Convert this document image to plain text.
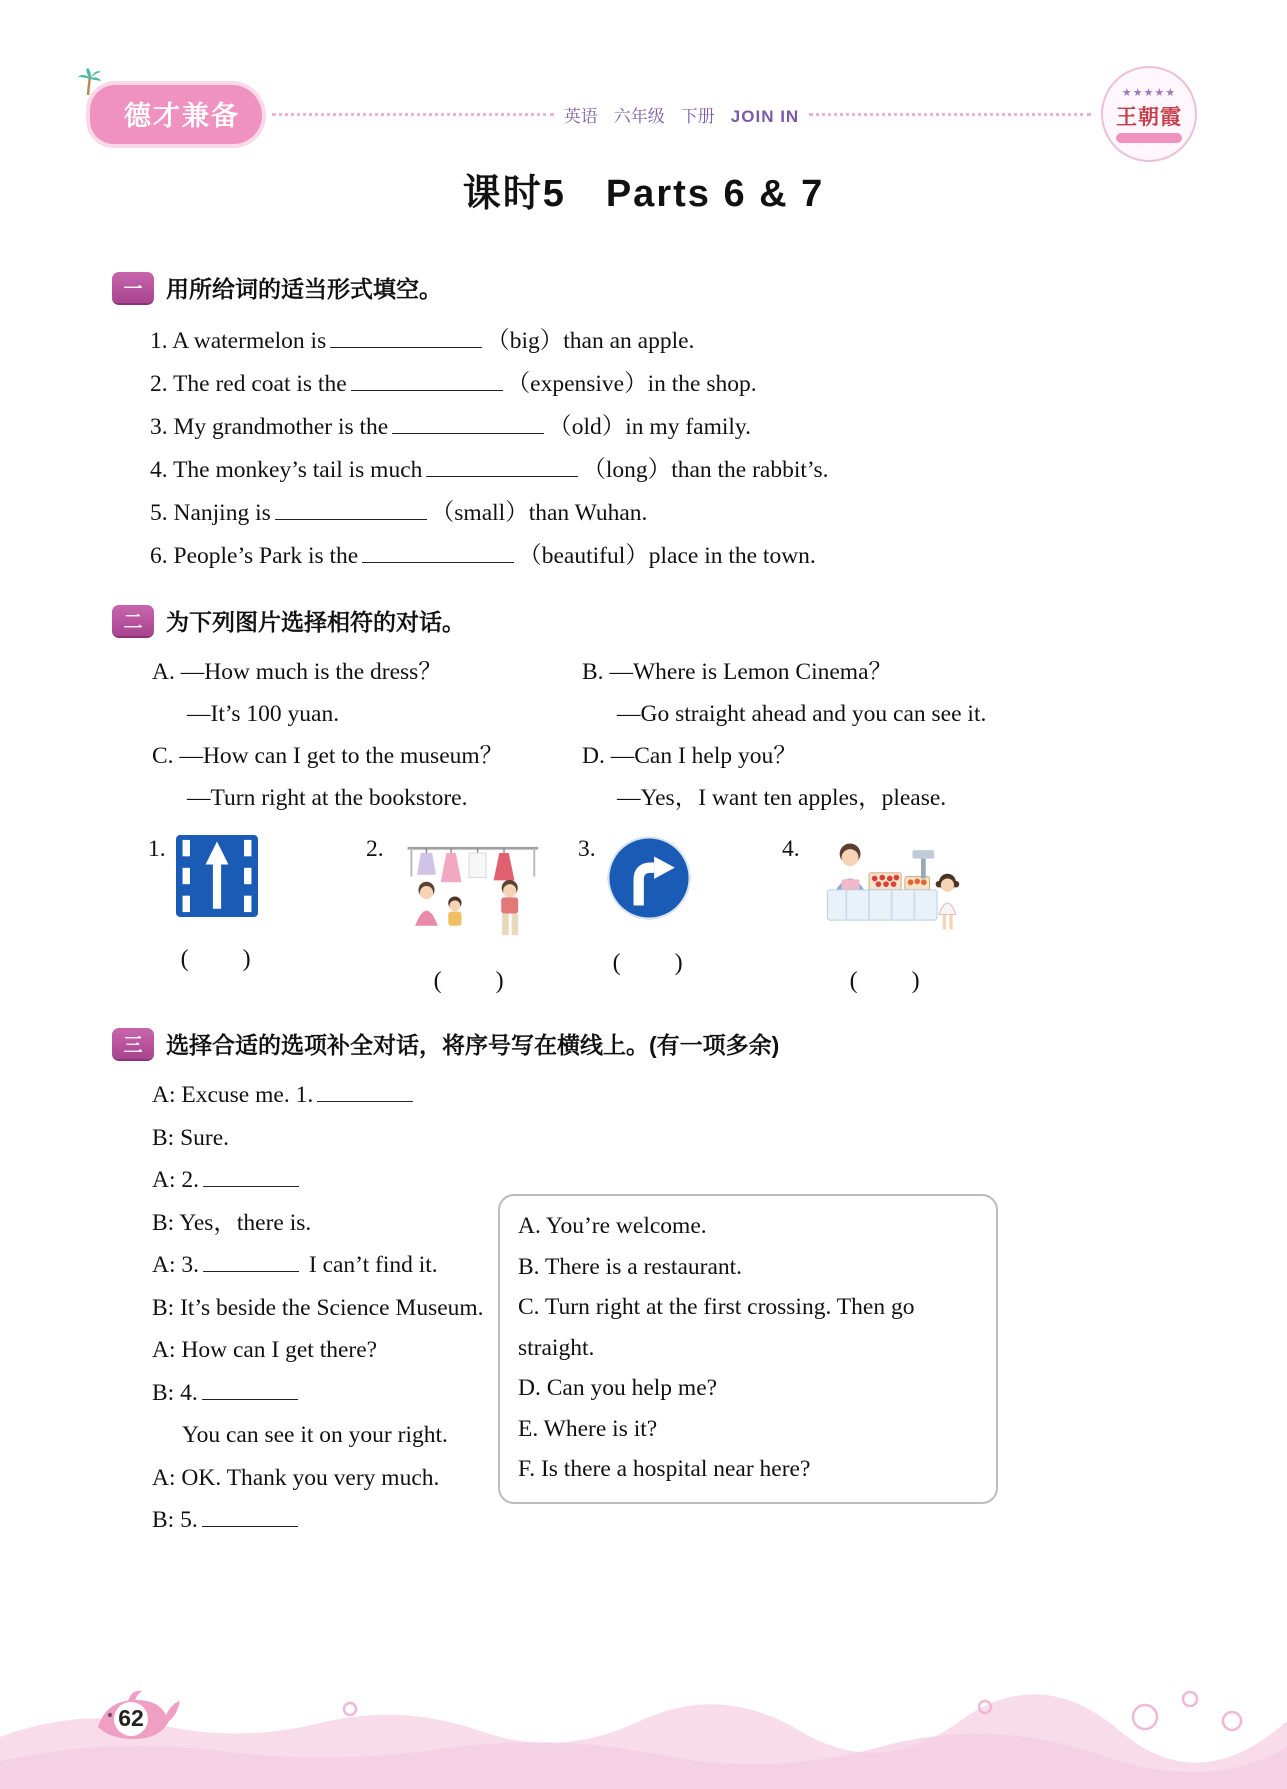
德才兼备	英语 六年级 下册 JOIN IN
★★★★★
王朝霞
课时5　Parts 6 & 7
一	用所给词的适当形式填空。
1. A watermelon is	（big）than an apple.
2. The red coat is the	（expensive）in the shop.
3. My grandmother is the	（old）in my family.
4. The monkey’s tail is much	（long）than the rabbit’s.
5. Nanjing is	（small）than Wuhan.
6. People’s Park is the	（beautiful）place in the town.
二	为下列图片选择相符的对话。
A. —How much is the dress？
—It’s 100 yuan.
B. —Where is Lemon Cinema？
—Go straight ahead and you can see it.
C. —How can I get to the museum？
—Turn right at the bookstore.
D. —Can I help you？
—Yes，I want ten apples，please.
1.
(　　)
2.
(　　)
3.
(　　)
4.
(　　)
三	选择合适的选项补全对话，将序号写在横线上。(有一项多余)
A: Excuse me. 1.
B: Sure.
A: 2.
B: Yes，there is.
A: 3.	I can’t find it.
B: It’s beside the Science Museum.
A: How can I get there?
B: 4.
You can see it on your right.
A: OK. Thank you very much.
B: 5.
A. You’re welcome.
B. There is a restaurant.
C. Turn right at the first crossing. Then go straight.
D. Can you help me?
E. Where is it?
F. Is there a hospital near here?
62
